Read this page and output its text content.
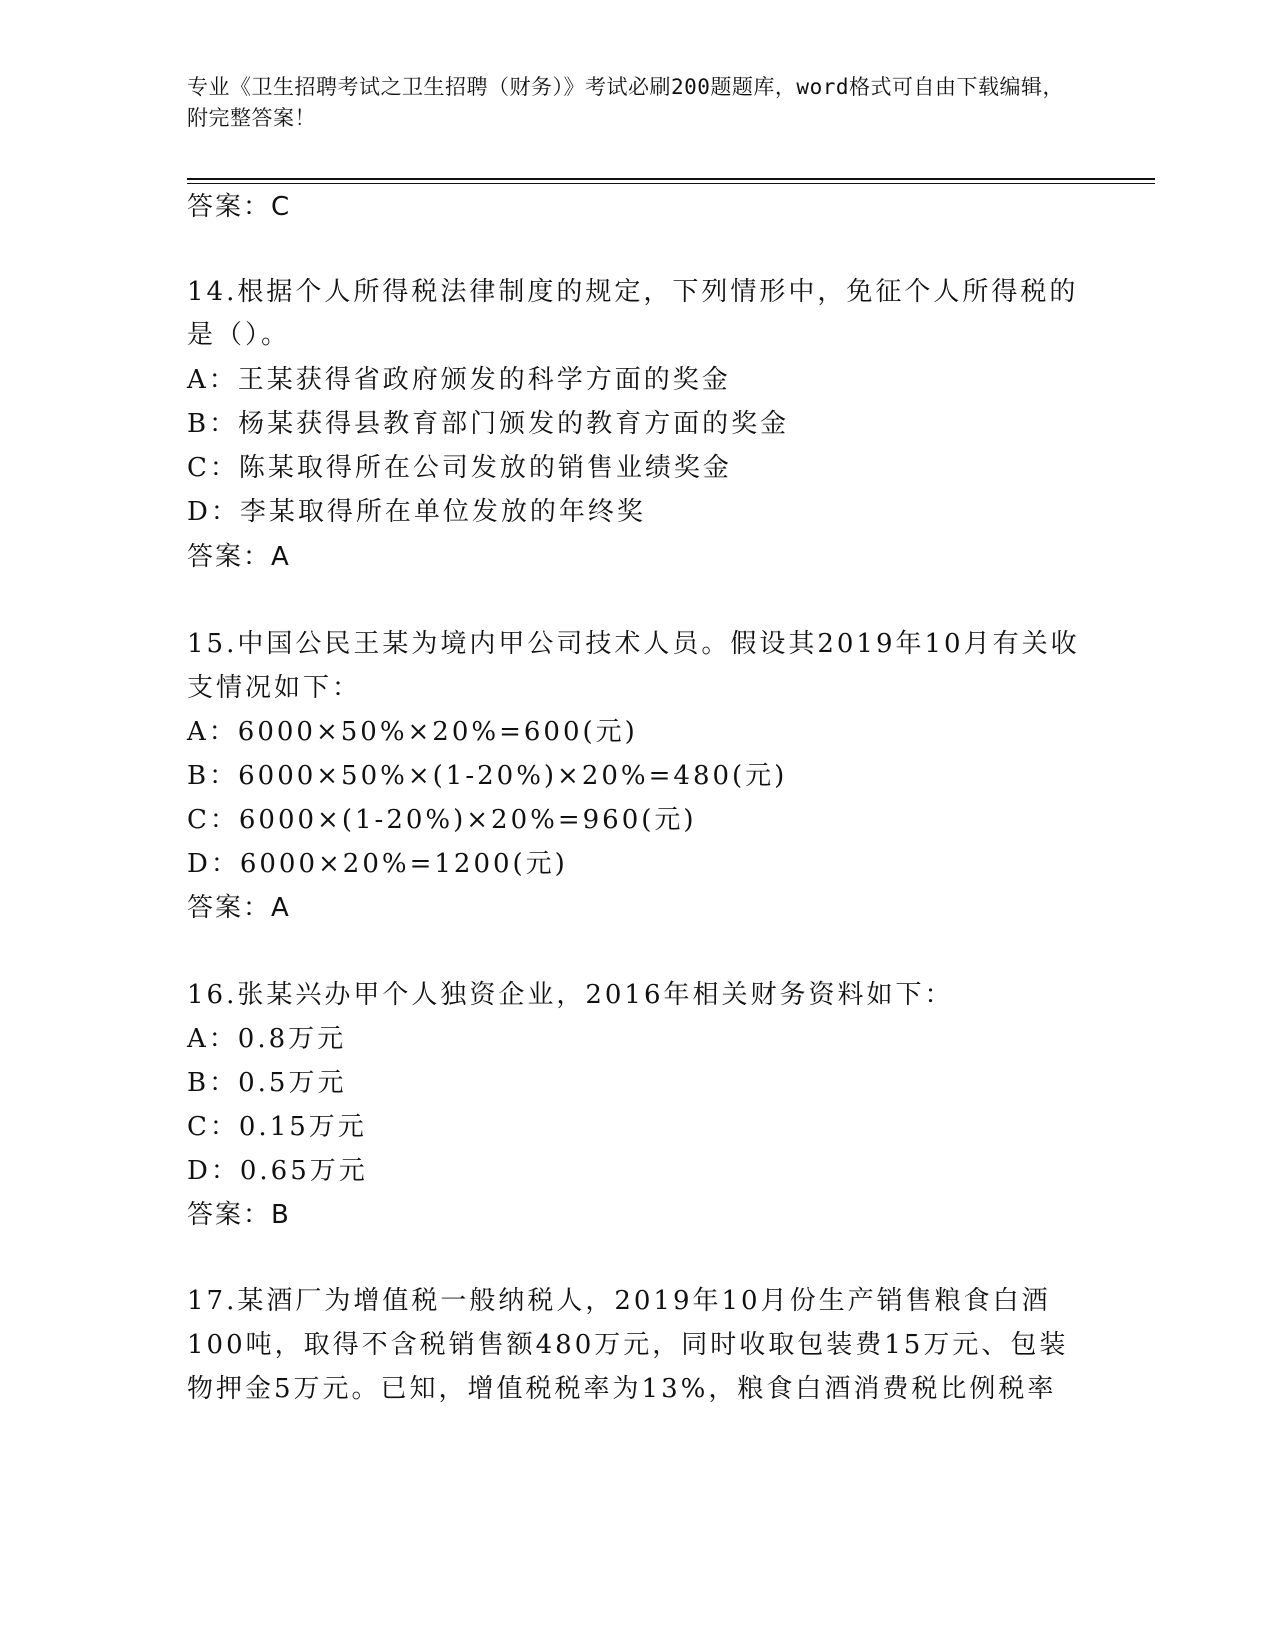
专业《卫生招聘考试之卫生招聘（财务）》考试必刷200题题库，word格式可自由下载编辑，附完整答案！
答案：C
14.根据个人所得税法律制度的规定，下列情形中，免征个人所得税的
是（）。
A：王某获得省政府颁发的科学方面的奖金
B：杨某获得县教育部门颁发的教育方面的奖金
C：陈某取得所在公司发放的销售业绩奖金
D：李某取得所在单位发放的年终奖
答案：A
15.中国公民王某为境内甲公司技术人员。假设其2019年10月有关收
支情况如下：
A：6000×50%×20%=600(元)
B：6000×50%×(1-20%)×20%=480(元)
C：6000×(1-20%)×20%=960(元)
D：6000×20%=1200(元)
答案：A
16.张某兴办甲个人独资企业，2016年相关财务资料如下：
A：0.8万元
B：0.5万元
C：0.15万元
D：0.65万元
答案：B
17.某酒厂为增值税一般纳税人，2019年10月份生产销售粮食白酒
100吨，取得不含税销售额480万元，同时收取包装费15万元、包装
物押金5万元。已知，增值税税率为13%，粮食白酒消费税比例税率
